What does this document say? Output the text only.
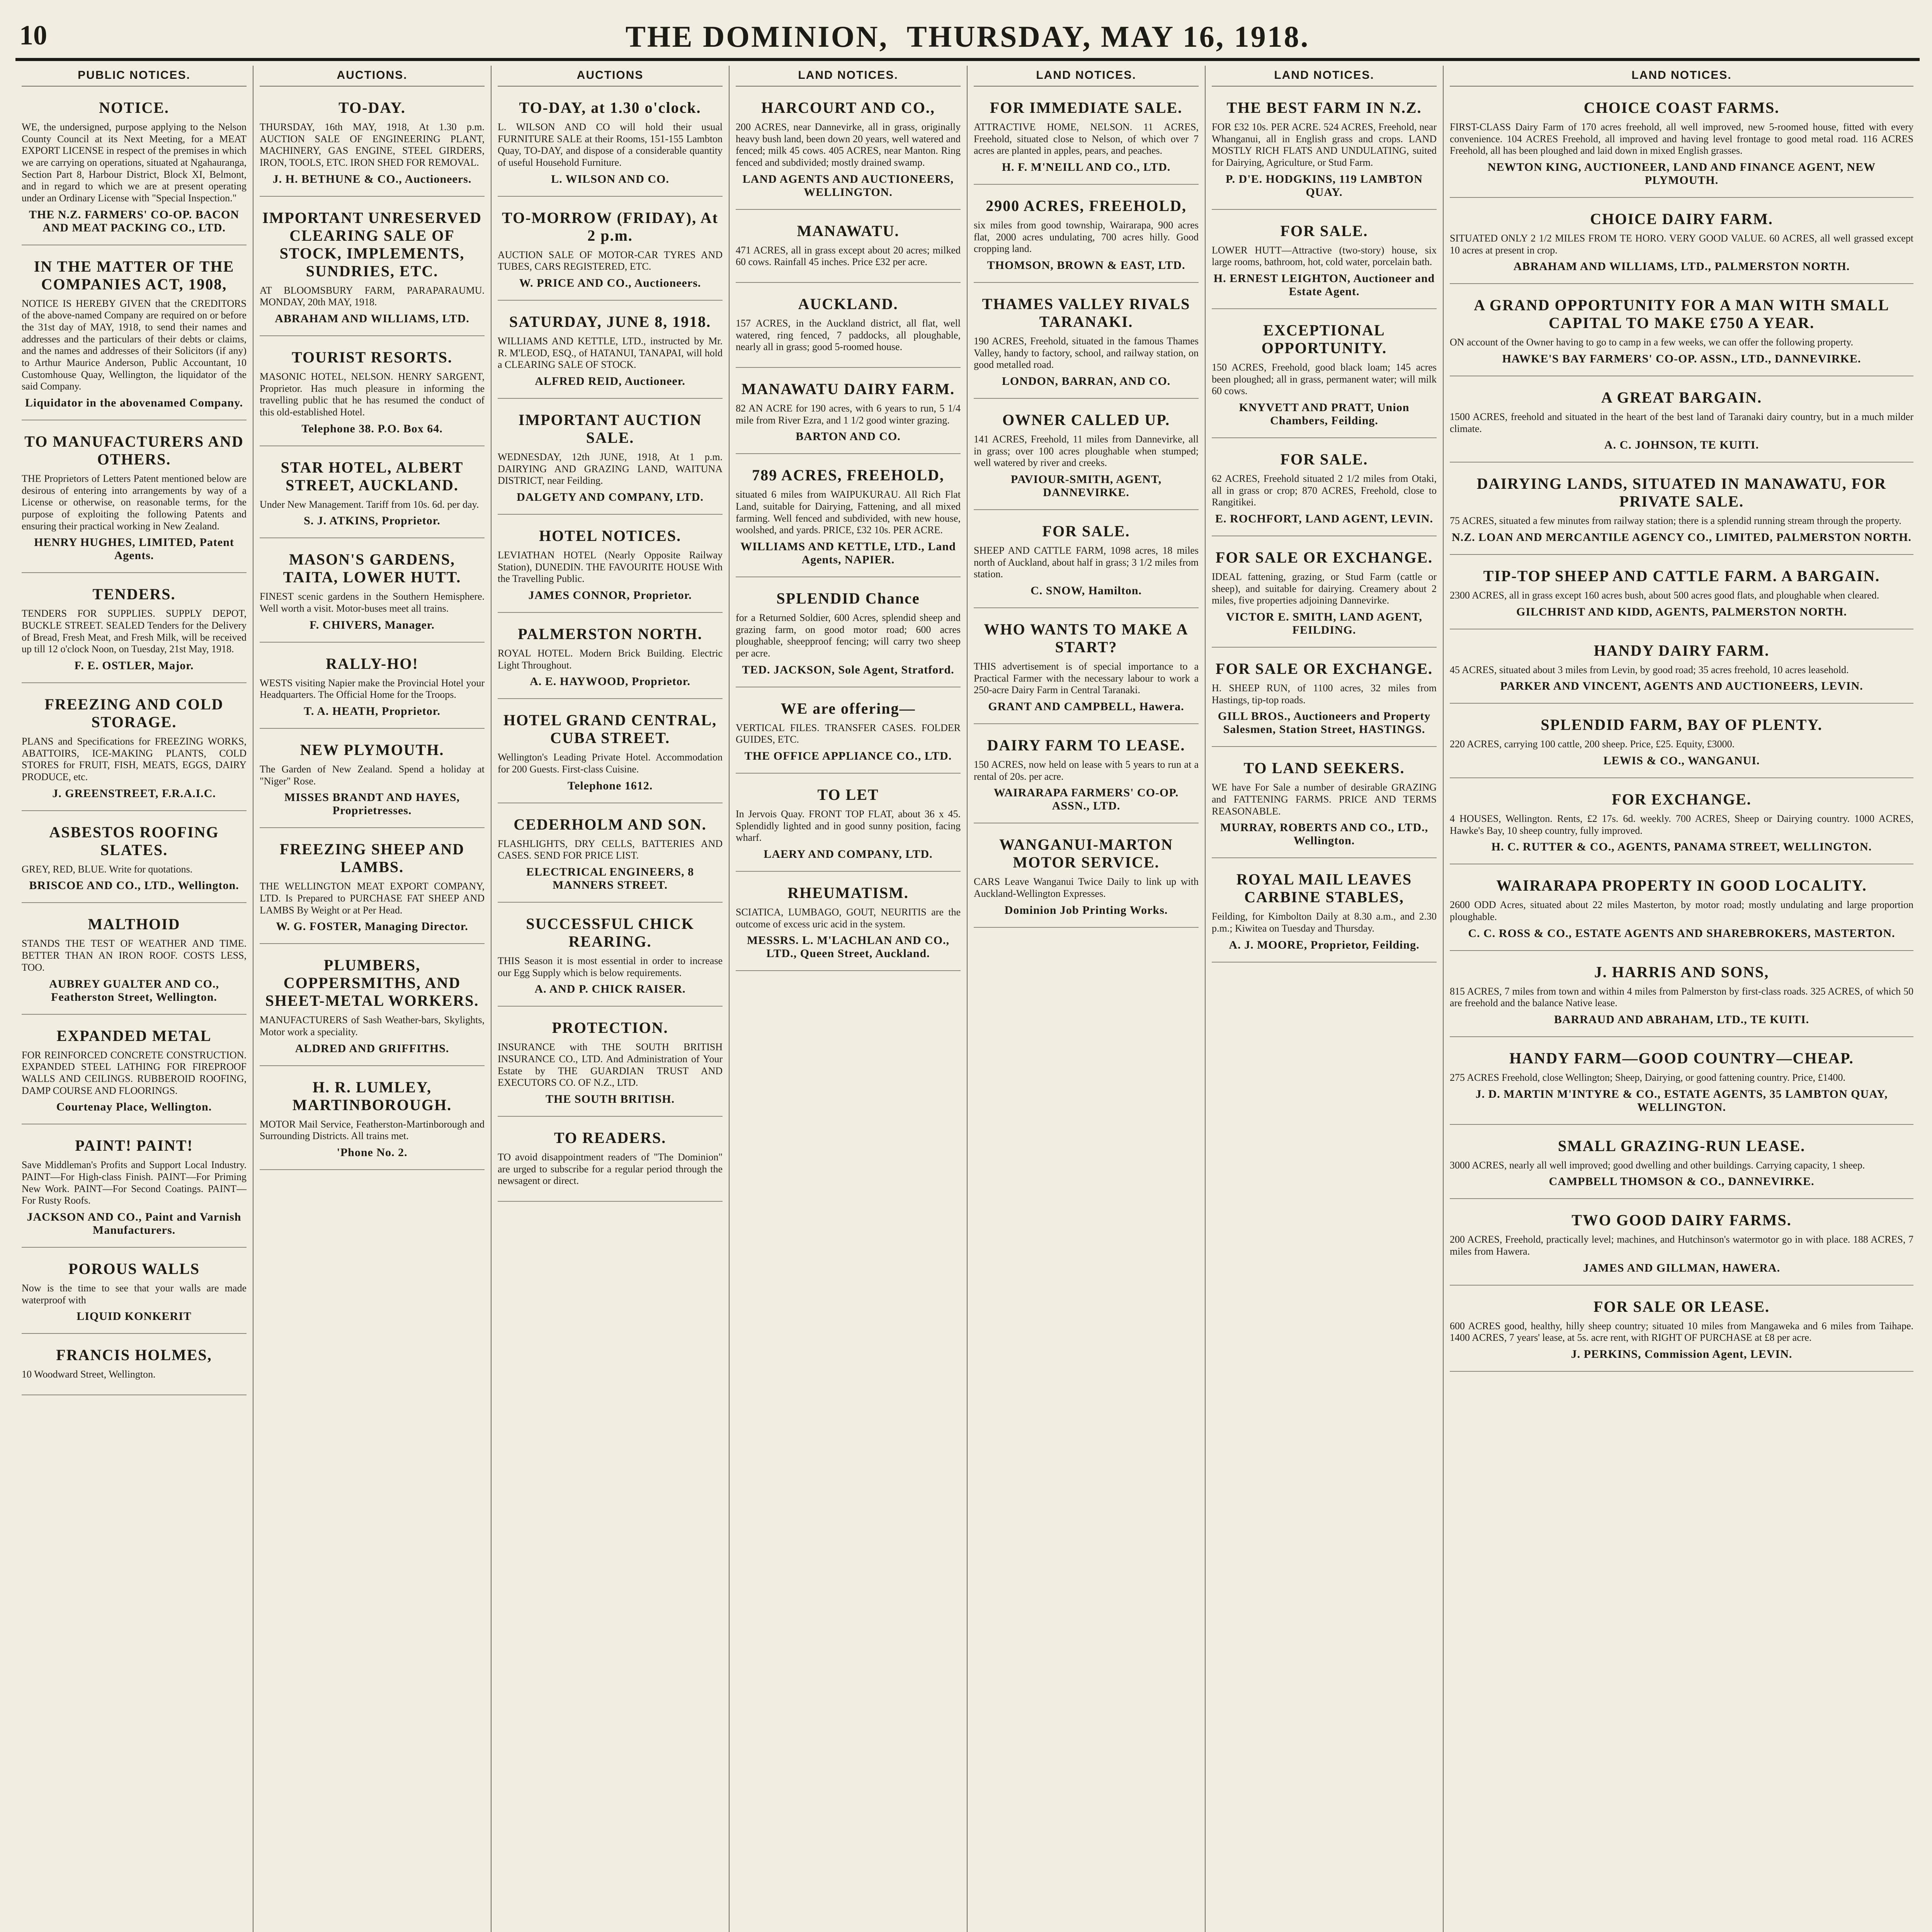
10	THE DOMINION, THURSDAY, MAY 16, 1918.
PUBLIC NOTICES.
NOTICE.

WE, the undersigned, purpose applying to the Nelson County Council at its Next Meeting, for a MEAT EXPORT LICENSE in respect of the premises in which we are carrying on operations, situated at Ngahauranga, Section Part 8, Harbour District, Block XI, Belmont, and in regard to which we are at present operating under an Ordinary License with "Special Inspection."

THE N.Z. FARMERS' CO-OP. BACON AND MEAT PACKING CO., LTD.
IN THE MATTER OF THE COMPANIES ACT, 1908,

NOTICE IS HEREBY GIVEN that the CREDITORS of the above-named Company are required on or before the 31st day of MAY, 1918, to send their names and addresses and the particulars of their debts or claims, and the names and addresses of their Solicitors (if any) to Arthur Maurice Anderson, Public Accountant, 10 Customhouse Quay, Wellington, the liquidator of the said Company.

Liquidator in the abovenamed Company.
TO MANUFACTURERS AND OTHERS.

THE Proprietors of Letters Patent mentioned below are desirous of entering into arrangements by way of a License or otherwise, on reasonable terms, for the purpose of exploiting the following Patents and ensuring their practical working in New Zealand.

HENRY HUGHES, LIMITED, Patent Agents.
TENDERS.

TENDERS FOR SUPPLIES. SUPPLY DEPOT, BUCKLE STREET. SEALED Tenders for the Delivery of Bread, Fresh Meat, and Fresh Milk, will be received up till 12 o'clock Noon, on Tuesday, 21st May, 1918.

F. E. OSTLER, Major.
FREEZING AND COLD STORAGE.

PLANS and Specifications for FREEZING WORKS, ABATTOIRS, ICE-MAKING PLANTS, COLD STORES for FRUIT, FISH, MEATS, EGGS, DAIRY PRODUCE, etc.

J. GREENSTREET, F.R.A.I.C.
ASBESTOS ROOFING SLATES.

GREY, RED, BLUE. Write for quotations.

BRISCOE AND CO., LTD., Wellington.
MALTHOID

STANDS THE TEST OF WEATHER AND TIME. BETTER THAN AN IRON ROOF. COSTS LESS, TOO.

AUBREY GUALTER AND CO., Featherston Street, Wellington.
EXPANDED METAL

FOR REINFORCED CONCRETE CONSTRUCTION. EXPANDED STEEL LATHING FOR FIREPROOF WALLS AND CEILINGS. RUBBEROID ROOFING, DAMP COURSE AND FLOORINGS.

Courtenay Place, Wellington.
PAINT! PAINT!

Save Middleman's Profits and Support Local Industry. PAINT—For High-class Finish. PAINT—For Priming New Work. PAINT—For Second Coatings. PAINT—For Rusty Roofs.

JACKSON AND CO., Paint and Varnish Manufacturers.
POROUS WALLS

Now is the time to see that your walls are made waterproof with

LIQUID KONKERIT
FRANCIS HOLMES,

10 Woodward Street, Wellington.

AUCTIONS.
TO-DAY.

THURSDAY, 16th MAY, 1918, At 1.30 p.m. AUCTION SALE OF ENGINEERING PLANT, MACHINERY, GAS ENGINE, STEEL GIRDERS, IRON, TOOLS, ETC. IRON SHED FOR REMOVAL.

J. H. BETHUNE & CO., Auctioneers.
IMPORTANT UNRESERVED CLEARING SALE OF STOCK, IMPLEMENTS, SUNDRIES, ETC.

AT BLOOMSBURY FARM, PARAPARAUMU. MONDAY, 20th MAY, 1918.

ABRAHAM AND WILLIAMS, LTD.
TOURIST RESORTS.

MASONIC HOTEL, NELSON. HENRY SARGENT, Proprietor. Has much pleasure in informing the travelling public that he has resumed the conduct of this old-established Hotel.

Telephone 38. P.O. Box 64.
STAR HOTEL, ALBERT STREET, AUCKLAND.

Under New Management. Tariff from 10s. 6d. per day.

S. J. ATKINS, Proprietor.
MASON'S GARDENS, TAITA, LOWER HUTT.

FINEST scenic gardens in the Southern Hemisphere. Well worth a visit. Motor-buses meet all trains.

F. CHIVERS, Manager.
RALLY-HO!

WESTS visiting Napier make the Provincial Hotel your Headquarters. The Official Home for the Troops.

T. A. HEATH, Proprietor.
NEW PLYMOUTH.

The Garden of New Zealand. Spend a holiday at "Niger" Rose.

MISSES BRANDT AND HAYES, Proprietresses.
FREEZING SHEEP AND LAMBS.

THE WELLINGTON MEAT EXPORT COMPANY, LTD. Is Prepared to PURCHASE FAT SHEEP AND LAMBS By Weight or at Per Head.

W. G. FOSTER, Managing Director.
PLUMBERS, COPPERSMITHS, AND SHEET-METAL WORKERS.

MANUFACTURERS of Sash Weather-bars, Skylights, Motor work a speciality.

ALDRED AND GRIFFITHS.
H. R. LUMLEY, MARTINBOROUGH.

MOTOR Mail Service, Featherston-Martinborough and Surrounding Districts. All trains met.

'Phone No. 2.
AUCTIONS
TO-DAY, at 1.30 o'clock.

L. WILSON AND CO will hold their usual FURNITURE SALE at their Rooms, 151-155 Lambton Quay, TO-DAY, and dispose of a considerable quantity of useful Household Furniture.

L. WILSON AND CO.
TO-MORROW (FRIDAY), At 2 p.m.

AUCTION SALE OF MOTOR-CAR TYRES AND TUBES, CARS REGISTERED, ETC.

W. PRICE AND CO., Auctioneers.
SATURDAY, JUNE 8, 1918.

WILLIAMS AND KETTLE, LTD., instructed by Mr. R. M'LEOD, ESQ., of HATANUI, TANAPAI, will hold a CLEARING SALE OF STOCK.

ALFRED REID, Auctioneer.
IMPORTANT AUCTION SALE.

WEDNESDAY, 12th JUNE, 1918, At 1 p.m. DAIRYING AND GRAZING LAND, WAITUNA DISTRICT, near Feilding.

DALGETY AND COMPANY, LTD.
HOTEL NOTICES.

LEVIATHAN HOTEL (Nearly Opposite Railway Station), DUNEDIN. THE FAVOURITE HOUSE With the Travelling Public.

JAMES CONNOR, Proprietor.
PALMERSTON NORTH.

ROYAL HOTEL. Modern Brick Building. Electric Light Throughout.

A. E. HAYWOOD, Proprietor.
HOTEL GRAND CENTRAL, CUBA STREET.

Wellington's Leading Private Hotel. Accommodation for 200 Guests. First-class Cuisine.

Telephone 1612.
CEDERHOLM AND SON.

FLASHLIGHTS, DRY CELLS, BATTERIES AND CASES. SEND FOR PRICE LIST.

ELECTRICAL ENGINEERS, 8 MANNERS STREET.
SUCCESSFUL CHICK REARING.

THIS Season it is most essential in order to increase our Egg Supply which is below requirements.

A. AND P. CHICK RAISER.
PROTECTION.

INSURANCE with THE SOUTH BRITISH INSURANCE CO., LTD. And Administration of Your Estate by THE GUARDIAN TRUST AND EXECUTORS CO. OF N.Z., LTD.

THE SOUTH BRITISH.
TO READERS.

TO avoid disappointment readers of "The Dominion" are urged to subscribe for a regular period through the newsagent or direct.

LAND NOTICES.
HARCOURT AND CO.,

200 ACRES, near Dannevirke, all in grass, originally heavy bush land, been down 20 years, well watered and fenced; milk 45 cows. 405 ACRES, near Manton. Ring fenced and subdivided; mostly drained swamp.

LAND AGENTS AND AUCTIONEERS, WELLINGTON.
MANAWATU.

471 ACRES, all in grass except about 20 acres; milked 60 cows. Rainfall 45 inches. Price £32 per acre.

AUCKLAND.

157 ACRES, in the Auckland district, all flat, well watered, ring fenced, 7 paddocks, all ploughable, nearly all in grass; good 5-roomed house.

MANAWATU DAIRY FARM.

82 AN ACRE for 190 acres, with 6 years to run, 5 1/4 mile from River Ezra, and 1 1/2 good winter grazing.

BARTON AND CO.
789 ACRES, FREEHOLD,

situated 6 miles from WAIPUKURAU. All Rich Flat Land, suitable for Dairying, Fattening, and all mixed farming. Well fenced and subdivided, with new house, woolshed, and yards. PRICE, £32 10s. PER ACRE.

WILLIAMS AND KETTLE, LTD., Land Agents, NAPIER.
SPLENDID Chance

for a Returned Soldier, 600 Acres, splendid sheep and grazing farm, on good motor road; 600 acres ploughable, sheepproof fencing; will carry two sheep per acre.

TED. JACKSON, Sole Agent, Stratford.
WE are offering—

VERTICAL FILES. TRANSFER CASES. FOLDER GUIDES, ETC.

THE OFFICE APPLIANCE CO., LTD.
TO LET

In Jervois Quay. FRONT TOP FLAT, about 36 x 45. Splendidly lighted and in good sunny position, facing wharf.

LAERY AND COMPANY, LTD.
RHEUMATISM.

SCIATICA, LUMBAGO, GOUT, NEURITIS are the outcome of excess uric acid in the system.

MESSRS. L. M'LACHLAN AND CO., LTD., Queen Street, Auckland.
LAND NOTICES.
FOR IMMEDIATE SALE.

ATTRACTIVE HOME, NELSON. 11 ACRES, Freehold, situated close to Nelson, of which over 7 acres are planted in apples, pears, and peaches.

H. F. M'NEILL AND CO., LTD.
2900 ACRES, FREEHOLD,

six miles from good township, Wairarapa, 900 acres flat, 2000 acres undulating, 700 acres hilly. Good cropping land.

THOMSON, BROWN & EAST, LTD.
THAMES VALLEY RIVALS TARANAKI.

190 ACRES, Freehold, situated in the famous Thames Valley, handy to factory, school, and railway station, on good metalled road.

LONDON, BARRAN, AND CO.
OWNER CALLED UP.

141 ACRES, Freehold, 11 miles from Dannevirke, all in grass; over 100 acres ploughable when stumped; well watered by river and creeks.

PAVIOUR-SMITH, AGENT, DANNEVIRKE.
FOR SALE.

SHEEP AND CATTLE FARM, 1098 acres, 18 miles north of Auckland, about half in grass; 3 1/2 miles from station.

C. SNOW, Hamilton.
WHO WANTS TO MAKE A START?

THIS advertisement is of special importance to a Practical Farmer with the necessary labour to work a 250-acre Dairy Farm in Central Taranaki.

GRANT AND CAMPBELL, Hawera.
DAIRY FARM TO LEASE.

150 ACRES, now held on lease with 5 years to run at a rental of 20s. per acre.

WAIRARAPA FARMERS' CO-OP. ASSN., LTD.
WANGANUI-MARTON MOTOR SERVICE.

CARS Leave Wanganui Twice Daily to link up with Auckland-Wellington Expresses.

Dominion Job Printing Works.
LAND NOTICES.
THE BEST FARM IN N.Z.

FOR £32 10s. PER ACRE. 524 ACRES, Freehold, near Whanganui, all in English grass and crops. LAND MOSTLY RICH FLATS AND UNDULATING, suited for Dairying, Agriculture, or Stud Farm.

P. D'E. HODGKINS, 119 LAMBTON QUAY.
FOR SALE.

LOWER HUTT—Attractive (two-story) house, six large rooms, bathroom, hot, cold water, porcelain bath.

H. ERNEST LEIGHTON, Auctioneer and Estate Agent.
EXCEPTIONAL OPPORTUNITY.

150 ACRES, Freehold, good black loam; 145 acres been ploughed; all in grass, permanent water; will milk 60 cows.

KNYVETT AND PRATT, Union Chambers, Feilding.
FOR SALE.

62 ACRES, Freehold situated 2 1/2 miles from Otaki, all in grass or crop; 870 ACRES, Freehold, close to Rangitikei.

E. ROCHFORT, LAND AGENT, LEVIN.
FOR SALE OR EXCHANGE.

IDEAL fattening, grazing, or Stud Farm (cattle or sheep), and suitable for dairying. Creamery about 2 miles, five properties adjoining Dannevirke.

VICTOR E. SMITH, LAND AGENT, FEILDING.
FOR SALE OR EXCHANGE.

H. SHEEP RUN, of 1100 acres, 32 miles from Hastings, tip-top roads.

GILL BROS., Auctioneers and Property Salesmen, Station Street, HASTINGS.
TO LAND SEEKERS.

WE have For Sale a number of desirable GRAZING and FATTENING FARMS. PRICE AND TERMS REASONABLE.

MURRAY, ROBERTS AND CO., LTD., Wellington.
ROYAL MAIL LEAVES CARBINE STABLES,

Feilding, for Kimbolton Daily at 8.30 a.m., and 2.30 p.m.; Kiwitea on Tuesday and Thursday.

A. J. MOORE, Proprietor, Feilding.
LAND NOTICES.
CHOICE COAST FARMS.

FIRST-CLASS Dairy Farm of 170 acres freehold, all well improved, new 5-roomed house, fitted with every convenience. 104 ACRES Freehold, all improved and having level frontage to good metal road. 116 ACRES Freehold, all has been ploughed and laid down in mixed English grasses.

NEWTON KING, AUCTIONEER, LAND AND FINANCE AGENT, NEW PLYMOUTH.
CHOICE DAIRY FARM.

SITUATED ONLY 2 1/2 MILES FROM TE HORO. VERY GOOD VALUE. 60 ACRES, all well grassed except 10 acres at present in crop.

ABRAHAM AND WILLIAMS, LTD., PALMERSTON NORTH.
A GRAND OPPORTUNITY FOR A MAN WITH SMALL CAPITAL TO MAKE £750 A YEAR.

ON account of the Owner having to go to camp in a few weeks, we can offer the following property.

HAWKE'S BAY FARMERS' CO-OP. ASSN., LTD., DANNEVIRKE.
A GREAT BARGAIN.

1500 ACRES, freehold and situated in the heart of the best land of Taranaki dairy country, but in a much milder climate.

A. C. JOHNSON, TE KUITI.
DAIRYING LANDS, SITUATED IN MANAWATU, FOR PRIVATE SALE.

75 ACRES, situated a few minutes from railway station; there is a splendid running stream through the property.

N.Z. LOAN AND MERCANTILE AGENCY CO., LIMITED, PALMERSTON NORTH.
TIP-TOP SHEEP AND CATTLE FARM. A BARGAIN.

2300 ACRES, all in grass except 160 acres bush, about 500 acres good flats, and ploughable when cleared.

GILCHRIST AND KIDD, AGENTS, PALMERSTON NORTH.
HANDY DAIRY FARM.

45 ACRES, situated about 3 miles from Levin, by good road; 35 acres freehold, 10 acres leasehold.

PARKER AND VINCENT, AGENTS AND AUCTIONEERS, LEVIN.
SPLENDID FARM, BAY OF PLENTY.

220 ACRES, carrying 100 cattle, 200 sheep. Price, £25. Equity, £3000.

LEWIS & CO., WANGANUI.
FOR EXCHANGE.

4 HOUSES, Wellington. Rents, £2 17s. 6d. weekly. 700 ACRES, Sheep or Dairying country. 1000 ACRES, Hawke's Bay, 10 sheep country, fully improved.

H. C. RUTTER & CO., AGENTS, PANAMA STREET, WELLINGTON.
WAIRARAPA PROPERTY IN GOOD LOCALITY.

2600 ODD Acres, situated about 22 miles Masterton, by motor road; mostly undulating and large proportion ploughable.

C. C. ROSS & CO., ESTATE AGENTS AND SHAREBROKERS, MASTERTON.
J. HARRIS AND SONS,

815 ACRES, 7 miles from town and within 4 miles from Palmerston by first-class roads. 325 ACRES, of which 50 are freehold and the balance Native lease.

BARRAUD AND ABRAHAM, LTD., TE KUITI.
HANDY FARM—GOOD COUNTRY—CHEAP.

275 ACRES Freehold, close Wellington; Sheep, Dairying, or good fattening country. Price, £1400.

J. D. MARTIN M'INTYRE & CO., ESTATE AGENTS, 35 LAMBTON QUAY, WELLINGTON.
SMALL GRAZING-RUN LEASE.

3000 ACRES, nearly all well improved; good dwelling and other buildings. Carrying capacity, 1 sheep.

CAMPBELL THOMSON & CO., DANNEVIRKE.
TWO GOOD DAIRY FARMS.

200 ACRES, Freehold, practically level; machines, and Hutchinson's watermotor go in with place. 188 ACRES, 7 miles from Hawera.

JAMES AND GILLMAN, HAWERA.
FOR SALE OR LEASE.

600 ACRES good, healthy, hilly sheep country; situated 10 miles from Mangaweka and 6 miles from Taihape. 1400 ACRES, 7 years' lease, at 5s. acre rent, with RIGHT OF PURCHASE at £8 per acre.

J. PERKINS, Commission Agent, LEVIN.
